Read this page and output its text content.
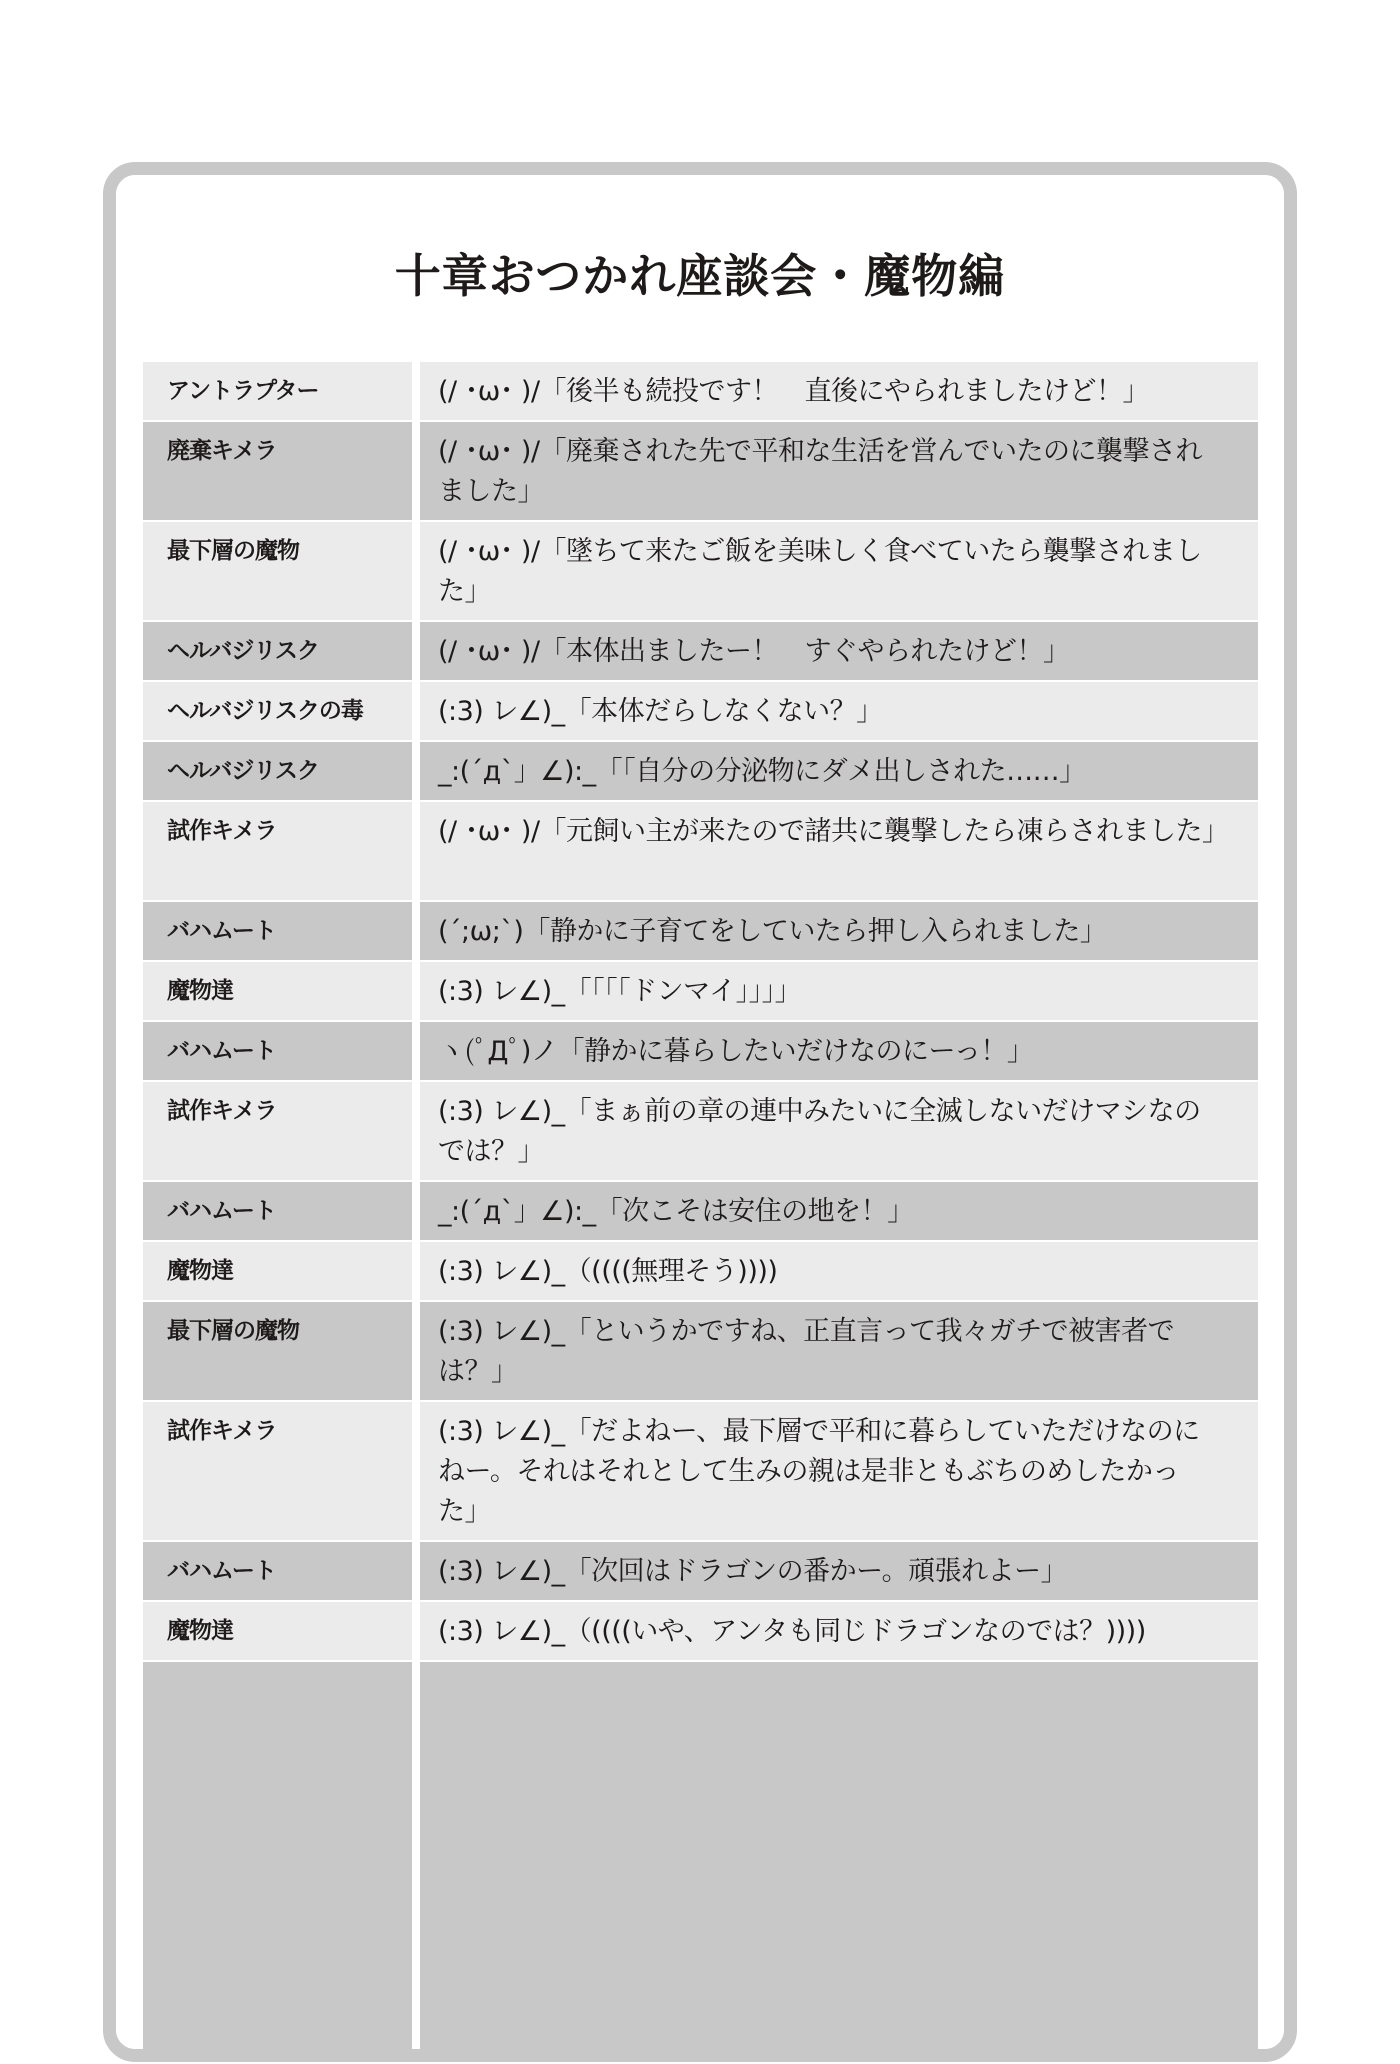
十章おつかれ座談会・魔物編
アントラプター	(/ ･ω･ )/「後半も続投です！　直後にやられましたけど！」
廃棄キメラ	(/ ･ω･ )/「廃棄された先で平和な生活を営んでいたのに襲撃されました」
最下層の魔物	(/ ･ω･ )/「墜ちて来たご飯を美味しく食べていたら襲撃されました」
ヘルバジリスク	(/ ･ω･ )/「本体出ましたー！　すぐやられたけど！」
ヘルバジリスクの毒	(:3) レ∠)_「本体だらしなくない？」
ヘルバジリスク	_:(´д`」∠):_「「自分の分泌物にダメ出しされた……」
試作キメラ	(/ ･ω･ )/「元飼い主が来たので諸共に襲撃したら凍らされました」
バハムート	(´;ω;`)「静かに子育てをしていたら押し入られました」
魔物達	(:3) レ∠)_「「「「ドンマイ」」」」
バハムート	ヽ(ﾟДﾟ)ノ「静かに暮らしたいだけなのにーっ！」
試作キメラ	(:3) レ∠)_「まぁ前の章の連中みたいに全滅しないだけマシなのでは？」
バハムート	_:(´д`」∠):_「次こそは安住の地を！」
魔物達	(:3) レ∠)_（((((無理そう))))
最下層の魔物	(:3) レ∠)_「というかですね、正直言って我々ガチで被害者では？」
試作キメラ	(:3) レ∠)_「だよねー、最下層で平和に暮らしていただけなのにねー。それはそれとして生みの親は是非ともぶちのめしたかった」
バハムート	(:3) レ∠)_「次回はドラゴンの番かー。頑張れよー」
魔物達	(:3) レ∠)_（((((いや、アンタも同じドラゴンなのでは？))))
